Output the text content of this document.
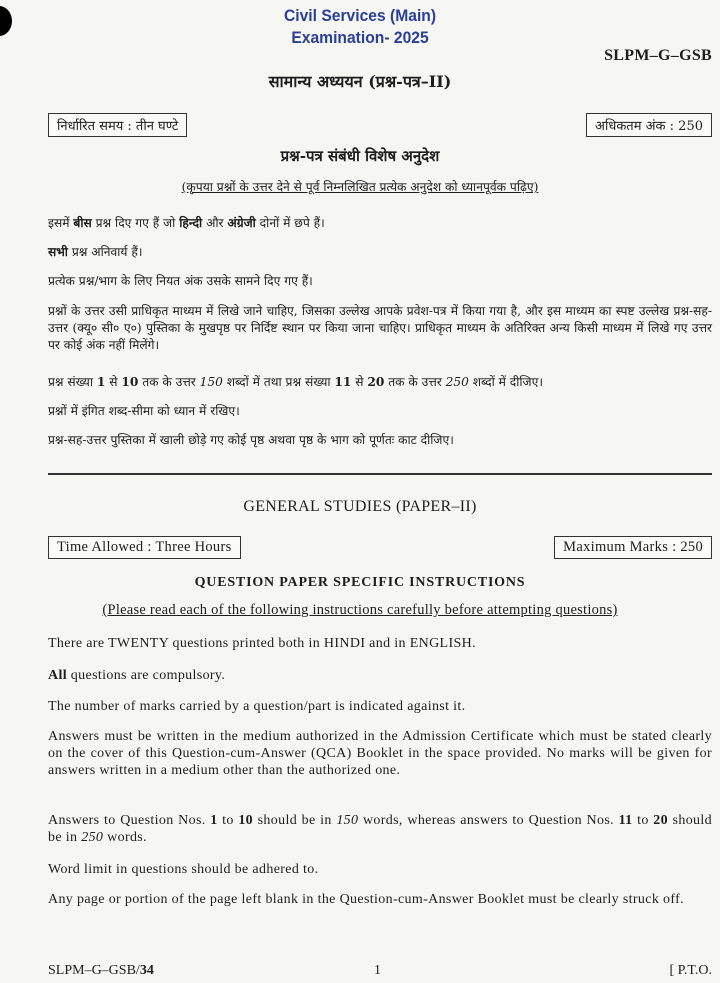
Civil Services (Main)
Examination- 2025
SLPM–G–GSB
सामान्य अध्ययन (प्रश्न-पत्र–II)
निर्धारित समय : तीन घण्टे	अधिकतम अंक : 250
प्रश्न-पत्र संबंधी विशेष अनुदेश
(कृपया प्रश्नों के उत्तर देने से पूर्व निम्नलिखित प्रत्येक अनुदेश को ध्यानपूर्वक पढ़िए)
इसमें बीस प्रश्न दिए गए हैं जो हिन्दी और अंग्रेजी दोनों में छपे हैं।
सभी प्रश्न अनिवार्य हैं।
प्रत्येक प्रश्न/भाग के लिए नियत अंक उसके सामने दिए गए हैं।
प्रश्नों के उत्तर उसी प्राधिकृत माध्यम में लिखे जाने चाहिए, जिसका उल्लेख आपके प्रवेश-पत्र में किया गया है, और इस माध्यम का स्पष्ट उल्लेख प्रश्न-सह-उत्तर (क्यू० सी० ए०) पुस्तिका के मुखपृष्ठ पर निर्दिष्ट स्थान पर किया जाना चाहिए। प्राधिकृत माध्यम के अतिरिक्त अन्य किसी माध्यम में लिखे गए उत्तर पर कोई अंक नहीं मिलेंगे।
प्रश्न संख्या 1 से 10 तक के उत्तर 150 शब्दों में तथा प्रश्न संख्या 11 से 20 तक के उत्तर 250 शब्दों में दीजिए।
प्रश्नों में इंगित शब्द-सीमा को ध्यान में रखिए।
प्रश्न-सह-उत्तर पुस्तिका में खाली छोड़े गए कोई पृष्ठ अथवा पृष्ठ के भाग को पूर्णतः काट दीजिए।
GENERAL STUDIES (PAPER–II)
Time Allowed : Three Hours	Maximum Marks : 250
QUESTION PAPER SPECIFIC INSTRUCTIONS
(Please read each of the following instructions carefully before attempting questions)
There are TWENTY questions printed both in HINDI and in ENGLISH.
All questions are compulsory.
The number of marks carried by a question/part is indicated against it.
Answers must be written in the medium authorized in the Admission Certificate which must be stated clearly on the cover of this Question-cum-Answer (QCA) Booklet in the space provided. No marks will be given for answers written in a medium other than the authorized one.
Answers to Question Nos. 1 to 10 should be in 150 words, whereas answers to Question Nos. 11 to 20 should be in 250 words.
Word limit in questions should be adhered to.
Any page or portion of the page left blank in the Question-cum-Answer Booklet must be clearly struck off.
SLPM–G–GSB/34	1	[ P.T.O.
